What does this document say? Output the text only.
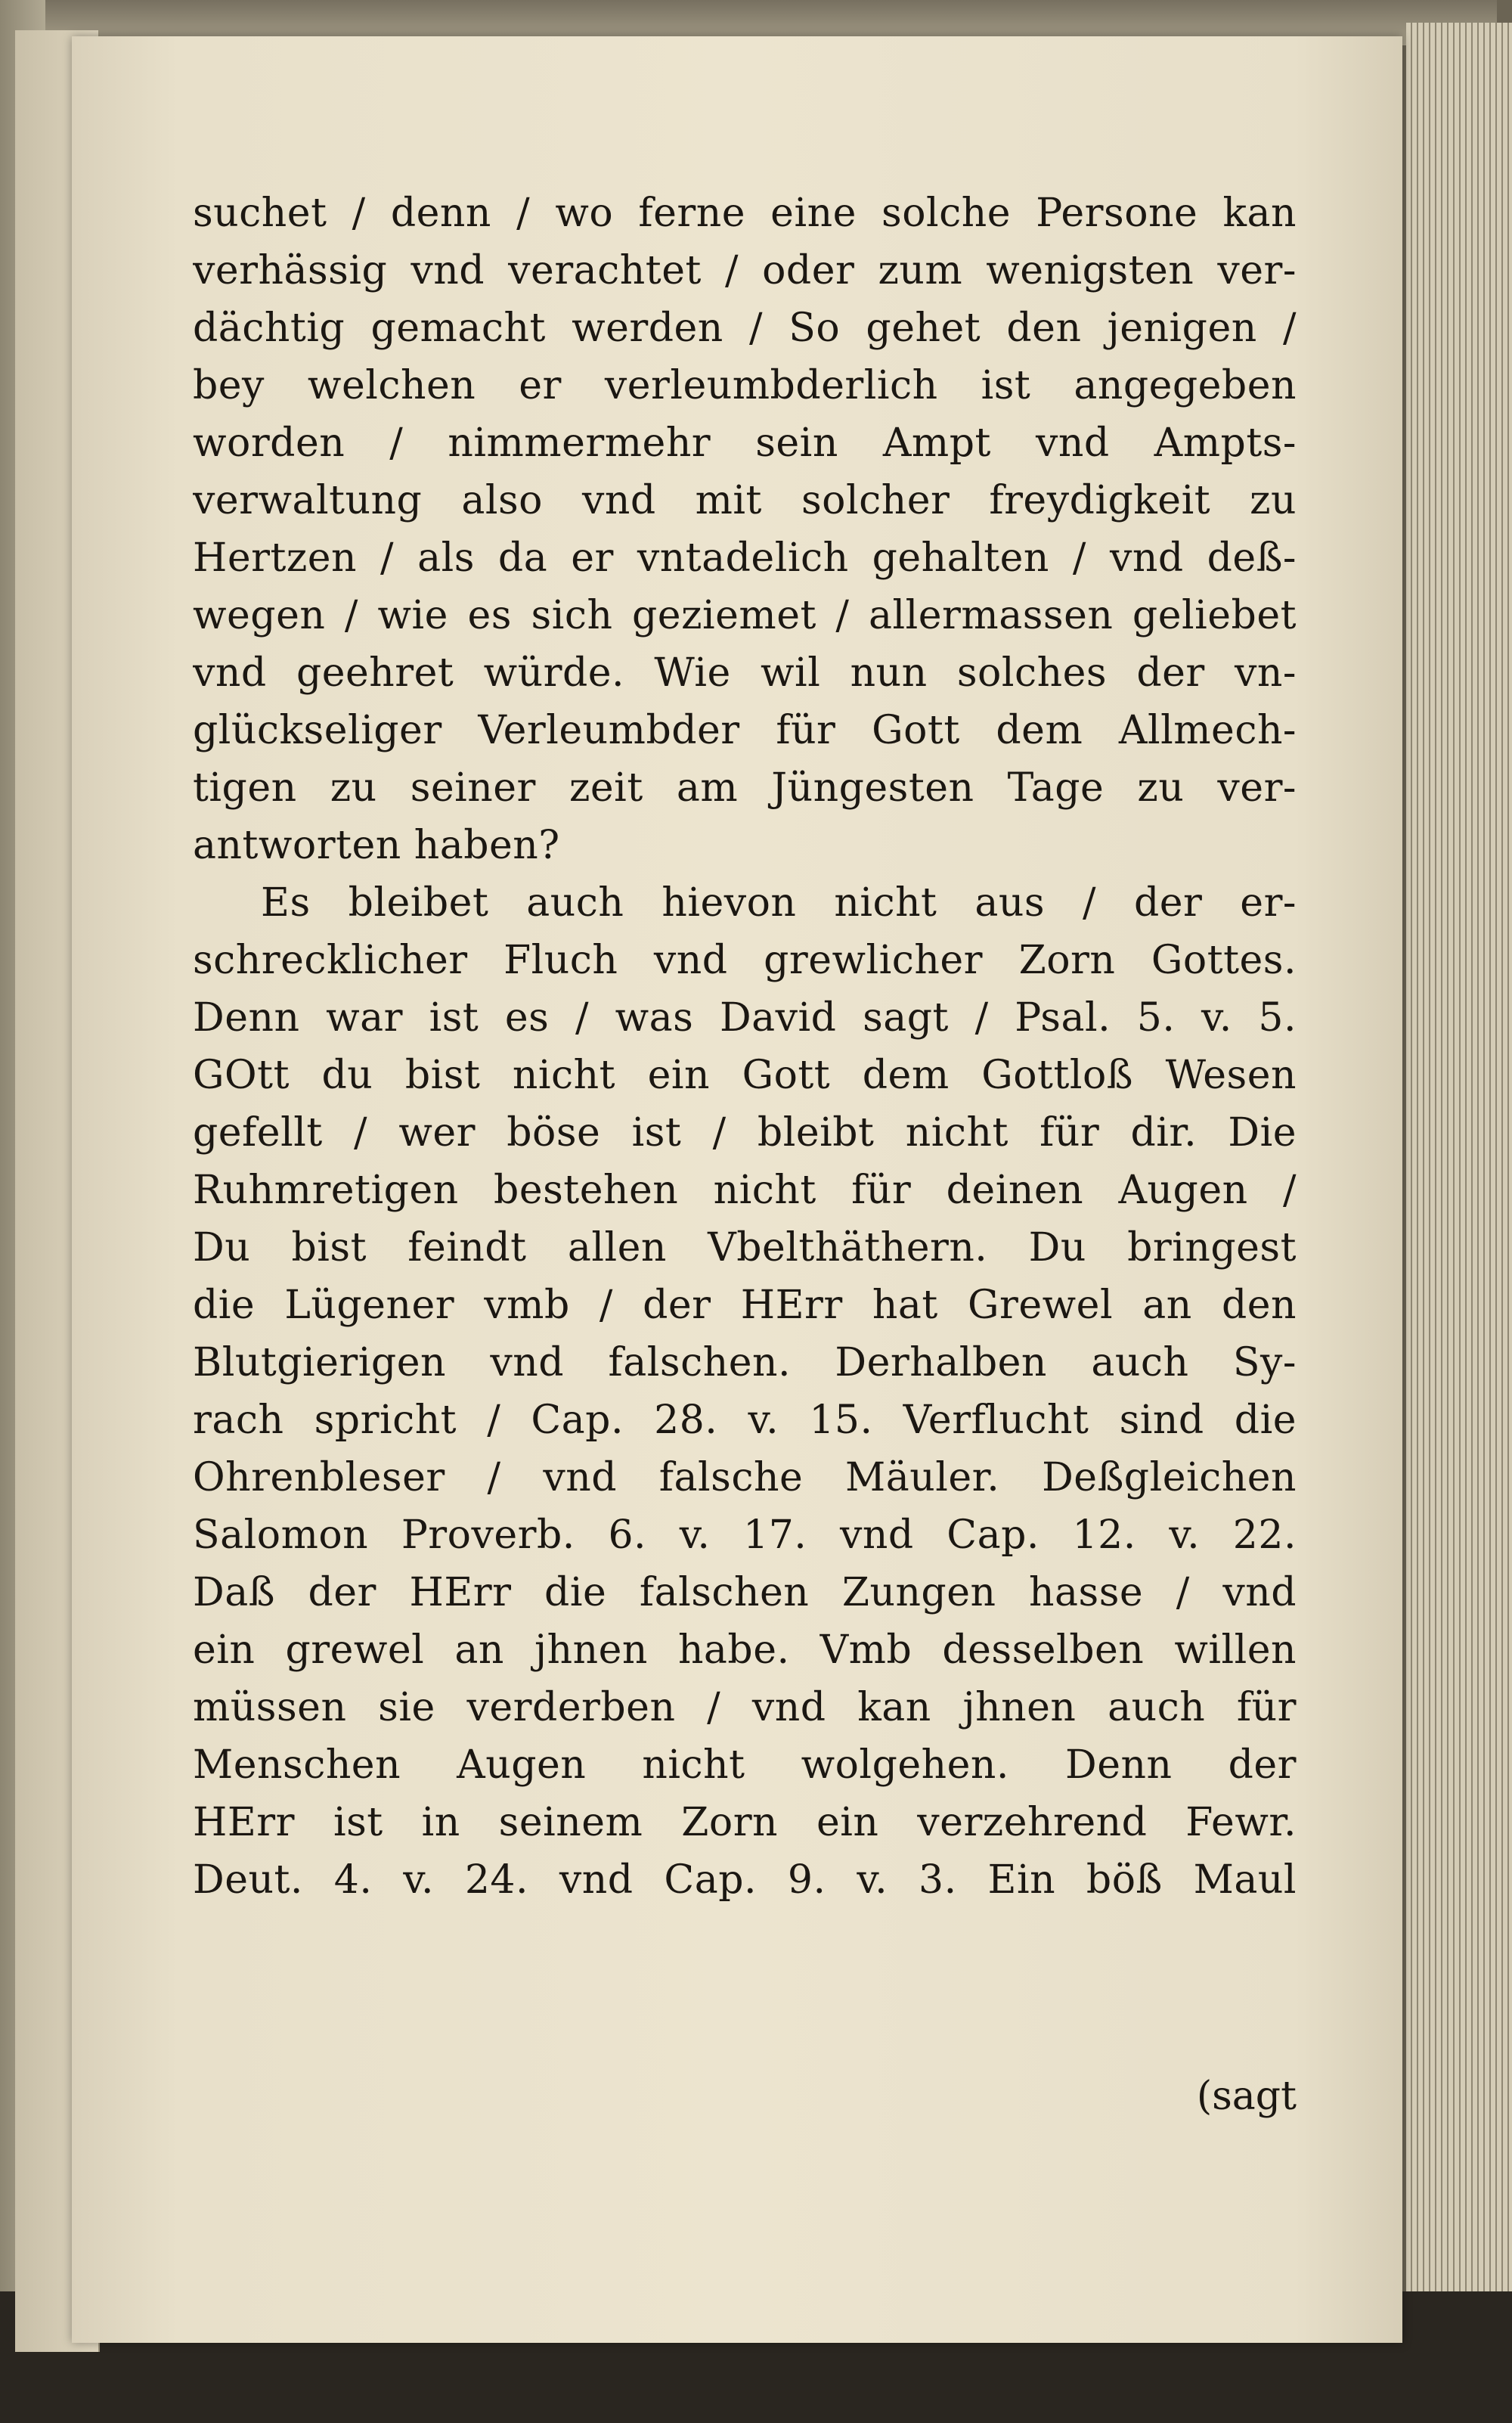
suchet / denn / wo ferne eine solche Persone kan
verhässig vnd verachtet / oder zum wenigsten ver-
dächtig gemacht werden / So gehet den jenigen /
bey welchen er verleumbderlich ist angegeben
worden / nimmermehr sein Ampt vnd Ampts-
verwaltung also vnd mit solcher freydigkeit zu
Hertzen / als da er vntadelich gehalten / vnd deß-
wegen / wie es sich geziemet / allermassen geliebet
vnd geehret würde. Wie wil nun solches der vn-
glückseliger Verleumbder für Gott dem Allmech-
tigen zu seiner zeit am Jüngesten Tage zu ver-
antworten haben?
Es bleibet auch hievon nicht aus / der er-
schrecklicher Fluch vnd grewlicher Zorn Gottes.
Denn war ist es / was David sagt / Psal. 5. v. 5.
GOtt du bist nicht ein Gott dem Gottloß Wesen
gefellt / wer böse ist / bleibt nicht für dir. Die
Ruhmretigen bestehen nicht für deinen Augen /
Du bist feindt allen Vbelthäthern. Du bringest
die Lügener vmb / der HErr hat Grewel an den
Blutgierigen vnd falschen. Derhalben auch Sy-
rach spricht / Cap. 28. v. 15. Verflucht sind die
Ohrenbleser / vnd falsche Mäuler. Deßgleichen
Salomon Proverb. 6. v. 17. vnd Cap. 12. v. 22.
Daß der HErr die falschen Zungen hasse / vnd
ein grewel an jhnen habe. Vmb desselben willen
müssen sie verderben / vnd kan jhnen auch für
Menschen Augen nicht wolgehen. Denn der
HErr ist in seinem Zorn ein verzehrend Fewr.
Deut. 4. v. 24. vnd Cap. 9. v. 3. Ein böß Maul
(sagt
